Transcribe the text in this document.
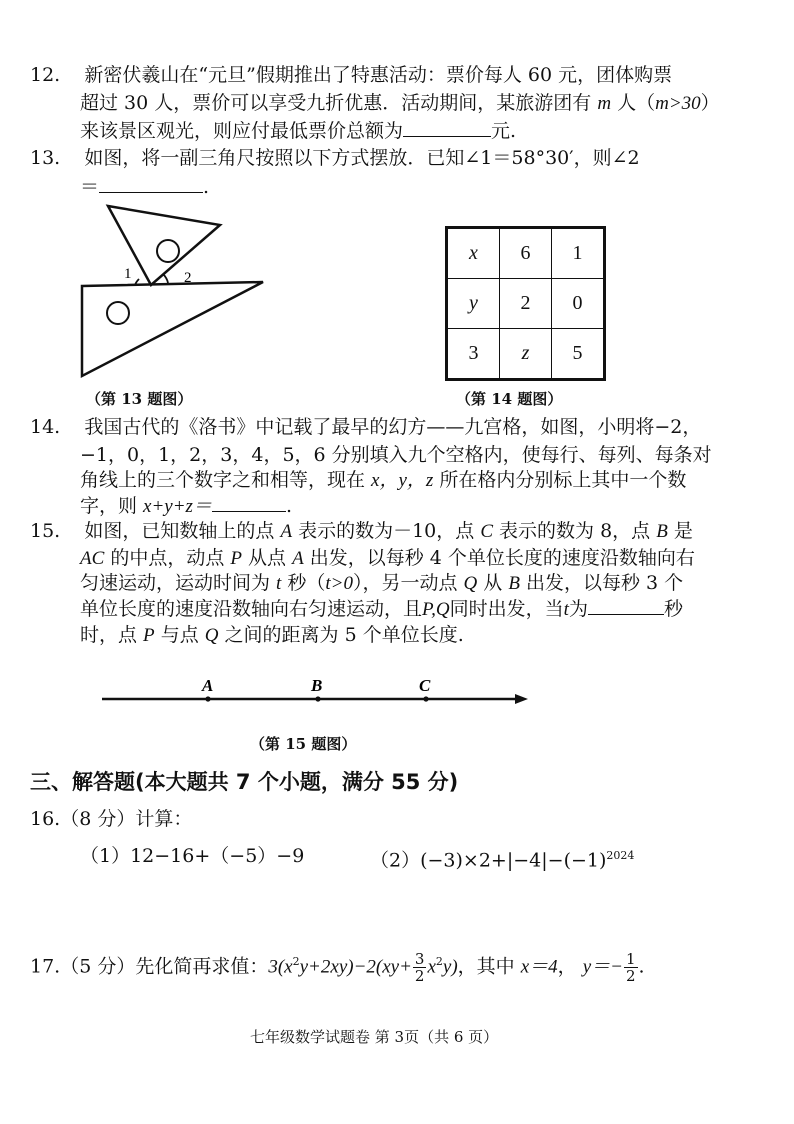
12. 新密伏羲山在“元旦”假期推出了特惠活动：票价每人 60 元，团体购票
超过 30 人，票价可以享受九折优惠．活动期间，某旅游团有 m 人（m>30）
来该景区观光，则应付最低票价总额为	元.
13. 如图，将一副三角尺按照以下方式摆放．已知∠1＝58°30′，则∠2
＝	.
1	2
（第 13 题图）
x	6	1
y	2	0
3	z	5
（第 14 题图）
14. 我国古代的《洛书》中记载了最早的幻方——九宫格，如图，小明将−2，
−1，0，1，2，3，4，5，6 分别填入九个空格内，使每行、每列、每条对
角线上的三个数字之和相等，现在 x，y，z 所在格内分别标上其中一个数
字，则 x+y+z＝	.
15. 如图，已知数轴上的点 A 表示的数为－10，点 C 表示的数为 8，点 B 是
AC 的中点，动点 P 从点 A 出发，以每秒 4 个单位长度的速度沿数轴向右
匀速运动，运动时间为 t 秒（t>0），另一动点 Q 从 B 出发，以每秒 3 个
单位长度的速度沿数轴向右匀速运动，且P,Q同时出发，当t为	秒
时，点 P 与点 Q 之间的距离为 5 个单位长度.
A	B	C
（第 15 题图）
三、解答题(本大题共 7 个小题，满分 55 分)
16.（8 分）计算：
（1）12−16+（−5）−9	$(2)(-3)\times 2+|-4|-(-1)^{2024}$
17.（5 分）先化简再求值：$3(x^2y+2xy)-2(xy+ \frac{3}{2} x^2y)$，其中 x＝4， $y=- \frac{1}{2}$ .
七年级数学试题卷 第 3页（共 6 页）
